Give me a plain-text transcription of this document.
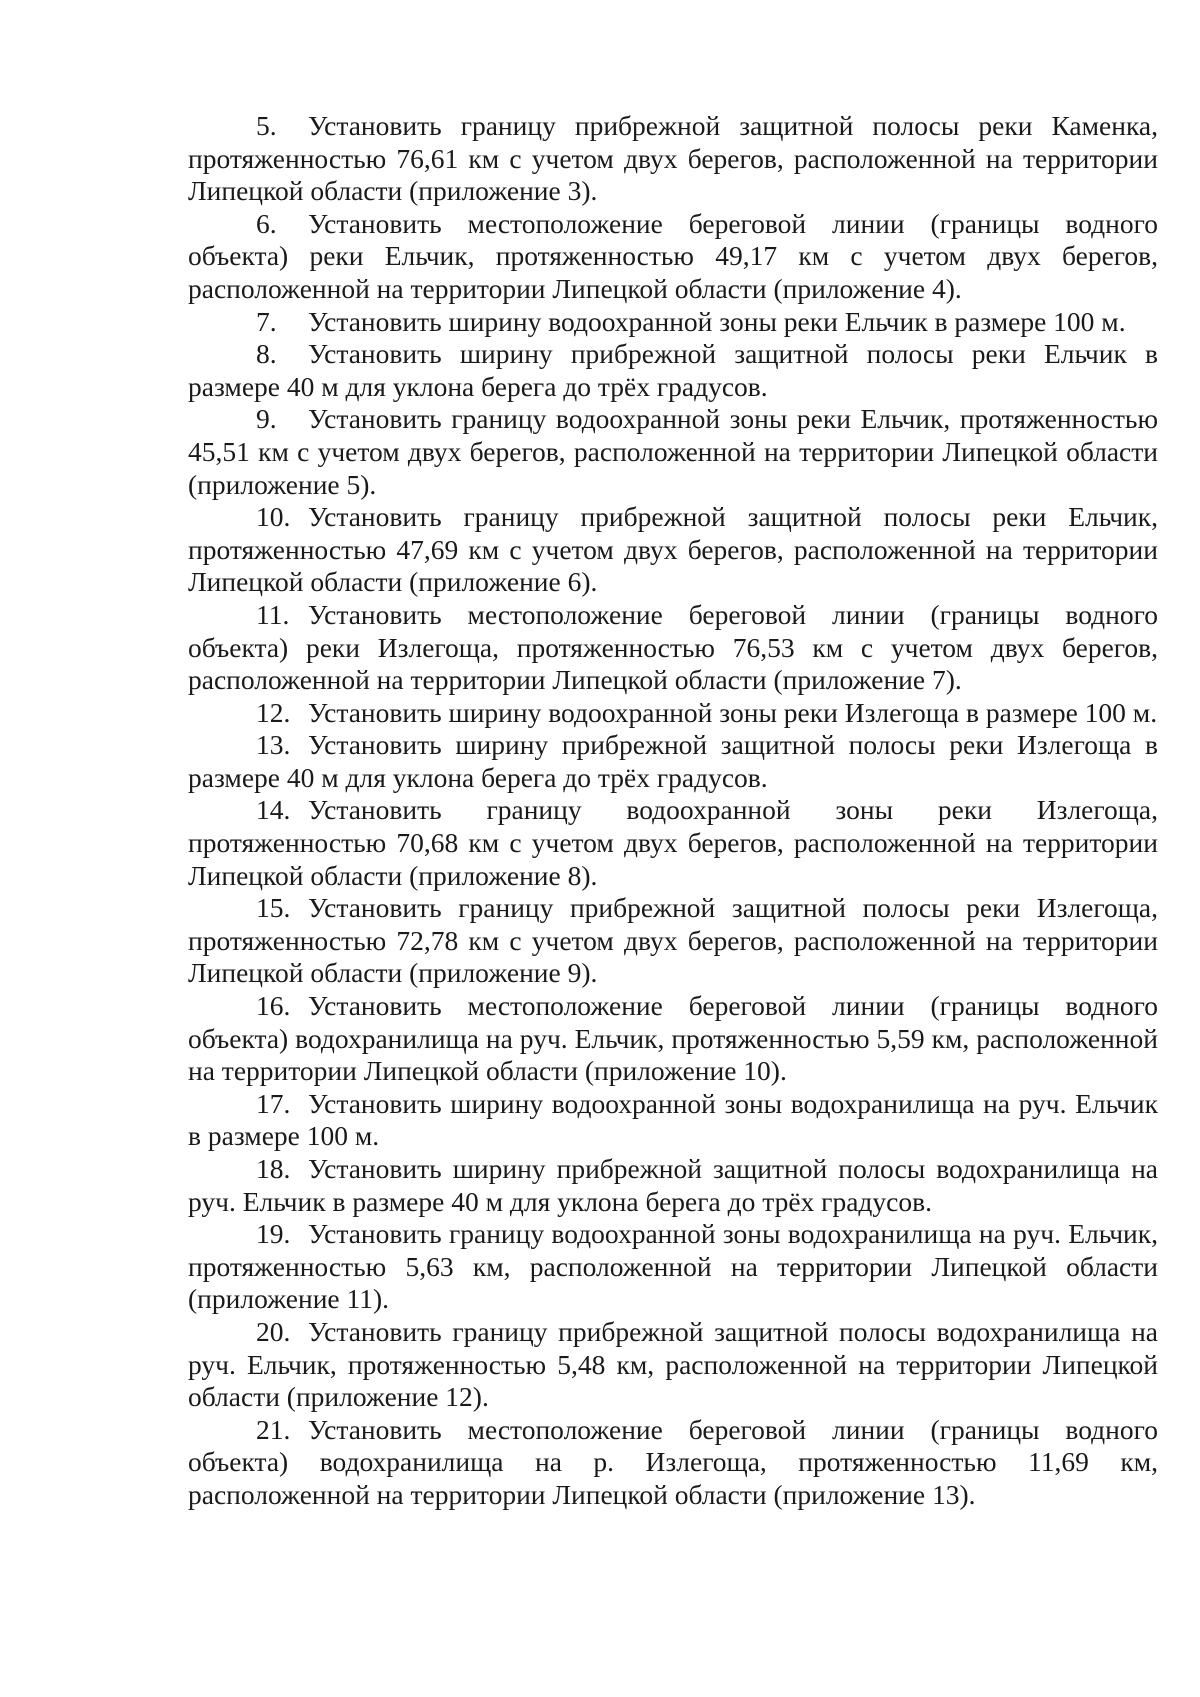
5. Установить границу прибрежной защитной полосы реки Каменка, протяженностью 76,61 км с учетом двух берегов, расположенной на территории Липецкой области (приложение 3).

6. Установить местоположение береговой линии (границы водного объекта) реки Ельчик, протяженностью 49,17 км с учетом двух берегов, расположенной на территории Липецкой области (приложение 4).

7. Установить ширину водоохранной зоны реки Ельчик в размере 100 м.

8. Установить ширину прибрежной защитной полосы реки Ельчик в размере 40 м для уклона берега до трёх градусов.

9. Установить границу водоохранной зоны реки Ельчик, протяженностью 45,51 км с учетом двух берегов, расположенной на территории Липецкой области (приложение 5).

10. Установить границу прибрежной защитной полосы реки Ельчик, протяженностью 47,69 км с учетом двух берегов, расположенной на территории Липецкой области (приложение 6).

11. Установить местоположение береговой линии (границы водного объекта) реки Излегоща, протяженностью 76,53 км с учетом двух берегов, расположенной на территории Липецкой области (приложение 7).

12. Установить ширину водоохранной зоны реки Излегоща в размере 100 м.

13. Установить ширину прибрежной защитной полосы реки Излегоща в размере 40 м для уклона берега до трёх градусов.

14. Установить границу водоохранной зоны реки Излегоща, протяженностью 70,68 км с учетом двух берегов, расположенной на территории Липецкой области (приложение 8).

15. Установить границу прибрежной защитной полосы реки Излегоща, протяженностью 72,78 км с учетом двух берегов, расположенной на территории Липецкой области (приложение 9).

16. Установить местоположение береговой линии (границы водного объекта) водохранилища на руч. Ельчик, протяженностью 5,59 км, расположенной на территории Липецкой области (приложение 10).

17. Установить ширину водоохранной зоны водохранилища на руч. Ельчик в размере 100 м.

18. Установить ширину прибрежной защитной полосы водохранилища на руч. Ельчик в размере 40 м для уклона берега до трёх градусов.

19. Установить границу водоохранной зоны водохранилища на руч. Ельчик, протяженностью 5,63 км, расположенной на территории Липецкой области (приложение 11).

20. Установить границу прибрежной защитной полосы водохранилища на руч. Ельчик, протяженностью 5,48 км, расположенной на территории Липецкой области (приложение 12).

21. Установить местоположение береговой линии (границы водного объекта) водохранилища на р. Излегоща, протяженностью 11,69 км, расположенной на территории Липецкой области (приложение 13).
